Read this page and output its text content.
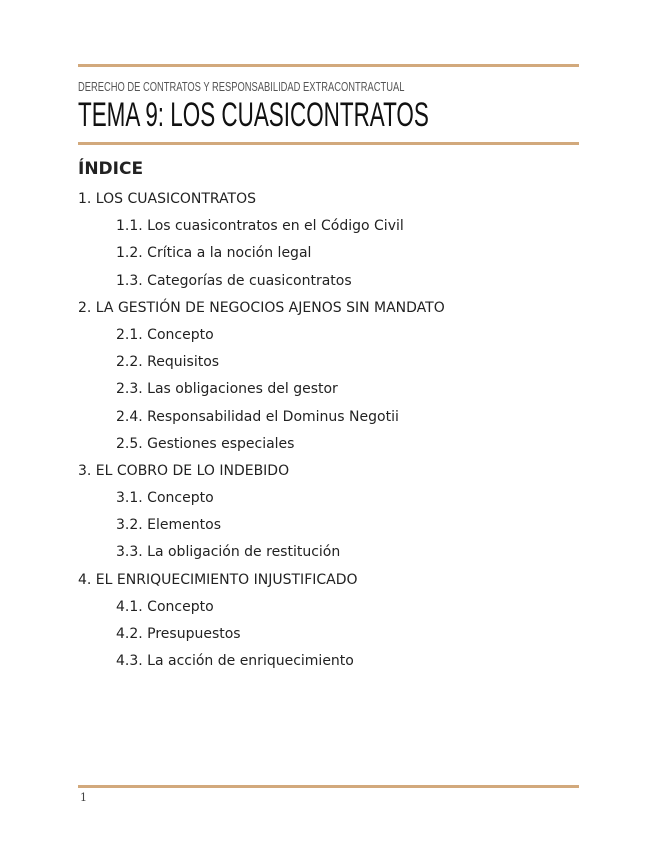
DERECHO DE CONTRATOS Y RESPONSABILIDAD EXTRACONTRACTUAL
TEMA 9: LOS CUASICONTRATOS
ÍNDICE
1. LOS CUASICONTRATOS
1.1. Los cuasicontratos en el Código Civil
1.2. Crítica a la noción legal
1.3. Categorías de cuasicontratos
2. LA GESTIÓN DE NEGOCIOS AJENOS SIN MANDATO
2.1. Concepto
2.2. Requisitos
2.3. Las obligaciones del gestor
2.4. Responsabilidad el Dominus Negotii
2.5. Gestiones especiales
3. EL COBRO DE LO INDEBIDO
3.1. Concepto
3.2. Elementos
3.3. La obligación de restitución
4. EL ENRIQUECIMIENTO INJUSTIFICADO
4.1. Concepto
4.2. Presupuestos
4.3. La acción de enriquecimiento
1
